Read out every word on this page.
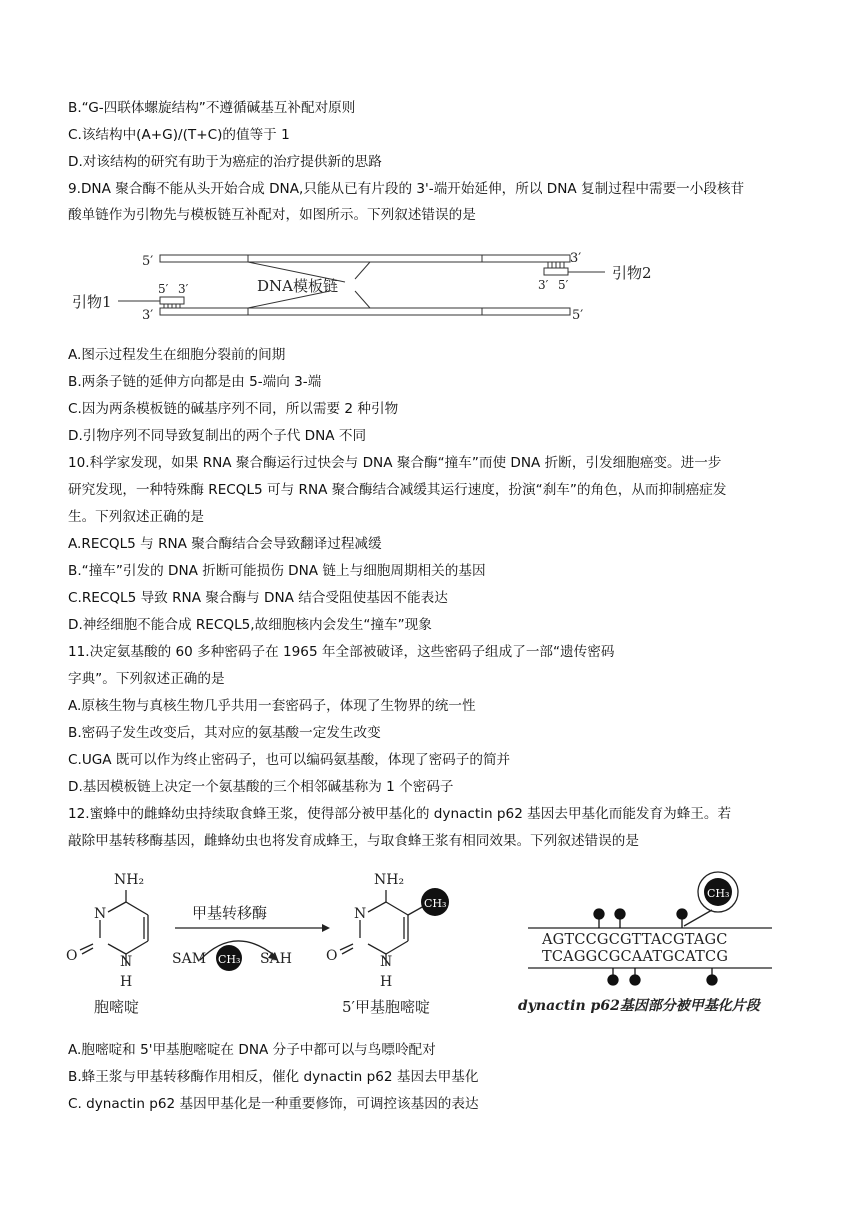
B.“G-四联体螺旋结构”不遵循碱基互补配对原则
C.该结构中(A+G)/(T+C)的值等于 1
D.对该结构的研究有助于为癌症的治疗提供新的思路
9.DNA 聚合酶不能从头开始合成 DNA,只能从已有片段的 3'-端开始延伸，所以 DNA 复制过程中需要一小段核苷
酸单链作为引物先与模板链互补配对，如图所示。下列叙述错误的是
DNA模板链
5′	3′
3′	5′
5′ 3′
引物1
3′ 5′
引物2
A.图示过程发生在细胞分裂前的间期
B.两条子链的延伸方向都是由 5-端向 3-端
C.因为两条模板链的碱基序列不同，所以需要 2 种引物
D.引物序列不同导致复制出的两个子代 DNA 不同
10.科学家发现，如果 RNA 聚合酶运行过快会与 DNA 聚合酶“撞车”而使 DNA 折断，引发细胞癌变。进一步
研究发现，一种特殊酶 RECQL5 可与 RNA 聚合酶结合减缓其运行速度，扮演“刹车”的角色，从而抑制癌症发
生。下列叙述正确的是
A.RECQL5 与 RNA 聚合酶结合会导致翻译过程减缓
B.“撞车”引发的 DNA 折断可能损伤 DNA 链上与细胞周期相关的基因
C.RECQL5 导致 RNA 聚合酶与 DNA 结合受阻使基因不能表达
D.神经细胞不能合成 RECQL5,故细胞核内会发生“撞车”现象
11.决定氨基酸的 60 多种密码子在 1965 年全部被破译，这些密码子组成了一部“遗传密码
字典”。下列叙述正确的是
A.原核生物与真核生物几乎共用一套密码子，体现了生物界的统一性
B.密码子发生改变后，其对应的氨基酸一定发生改变
C.UGA 既可以作为终止密码子，也可以编码氨基酸，体现了密码子的简并
D.基因模板链上决定一个氨基酸的三个相邻碱基称为 1 个密码子
12.蜜蜂中的雌蜂幼虫持续取食蜂王浆，使得部分被甲基化的 dynactin p62 基因去甲基化而能发育为蜂王。若
敲除甲基转移酶基因，雌蜂幼虫也将发育成蜂王，与取食蜂王浆有相同效果。下列叙述错误的是
NH₂
N
O	N
H
胞嘧啶
甲基转移酶
SAM CH₃ SAH
CH₃
NH₂
N
O	N
H
5′甲基胞嘧啶
CH₃
AGTCCGCGTTACGTAGC
TCAGGCGCAATGCATCG
dynactin p62基因部分被甲基化片段
A.胞嘧啶和 5'甲基胞嘧啶在 DNA 分子中都可以与鸟嘌呤配对
B.蜂王浆与甲基转移酶作用相反，催化 dynactin p62 基因去甲基化
C. dynactin p62 基因甲基化是一种重要修饰，可调控该基因的表达
